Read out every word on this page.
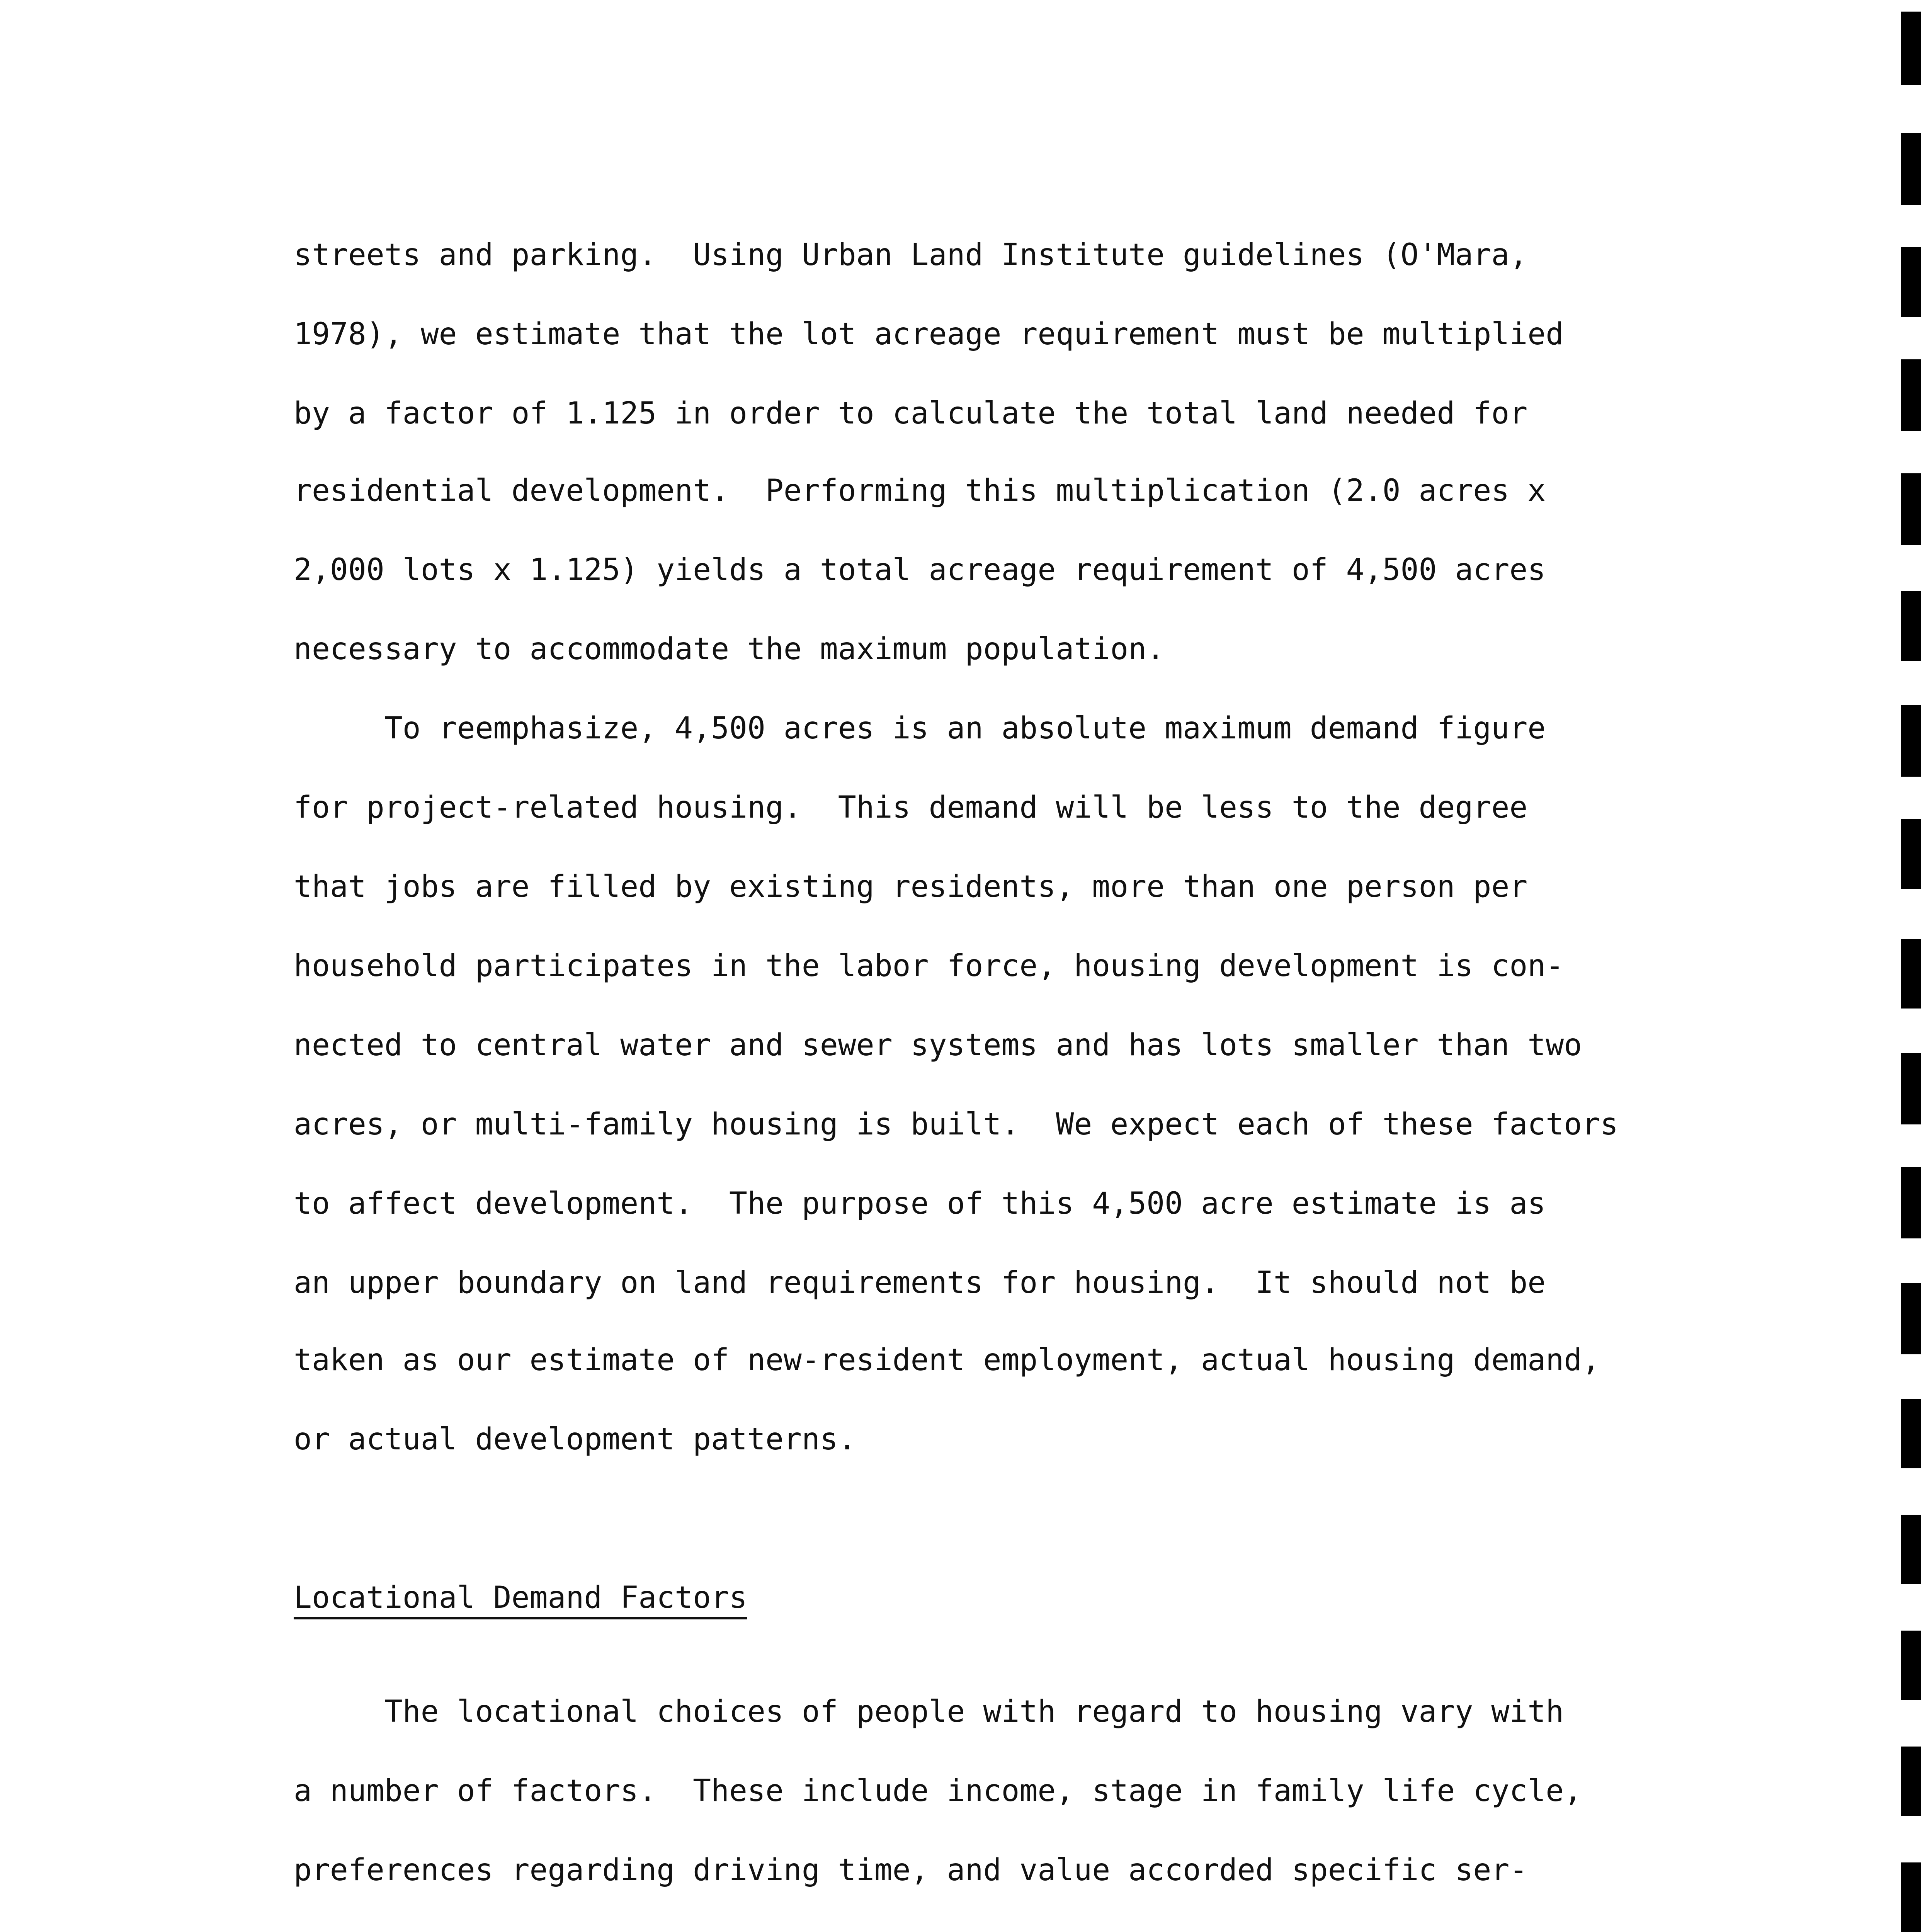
streets and parking.  Using Urban Land Institute guidelines (O'Mara,

1978), we estimate that the lot acreage requirement must be multiplied

by a factor of 1.125 in order to calculate the total land needed for

residential development.  Performing this multiplication (2.0 acres x

2,000 lots x 1.125) yields a total acreage requirement of 4,500 acres

necessary to accommodate the maximum population.

To reemphasize, 4,500 acres is an absolute maximum demand figure

for project-related housing.  This demand will be less to the degree

that jobs are filled by existing residents, more than one person per

household participates in the labor force, housing development is con-

nected to central water and sewer systems and has lots smaller than two

acres, or multi-family housing is built.  We expect each of these factors

to affect development.  The purpose of this 4,500 acre estimate is as

an upper boundary on land requirements for housing.  It should not be

taken as our estimate of new-resident employment, actual housing demand,

or actual development patterns.

Locational Demand Factors

The locational choices of people with regard to housing vary with

a number of factors.  These include income, stage in family life cycle,

preferences regarding driving time, and value accorded specific ser-
